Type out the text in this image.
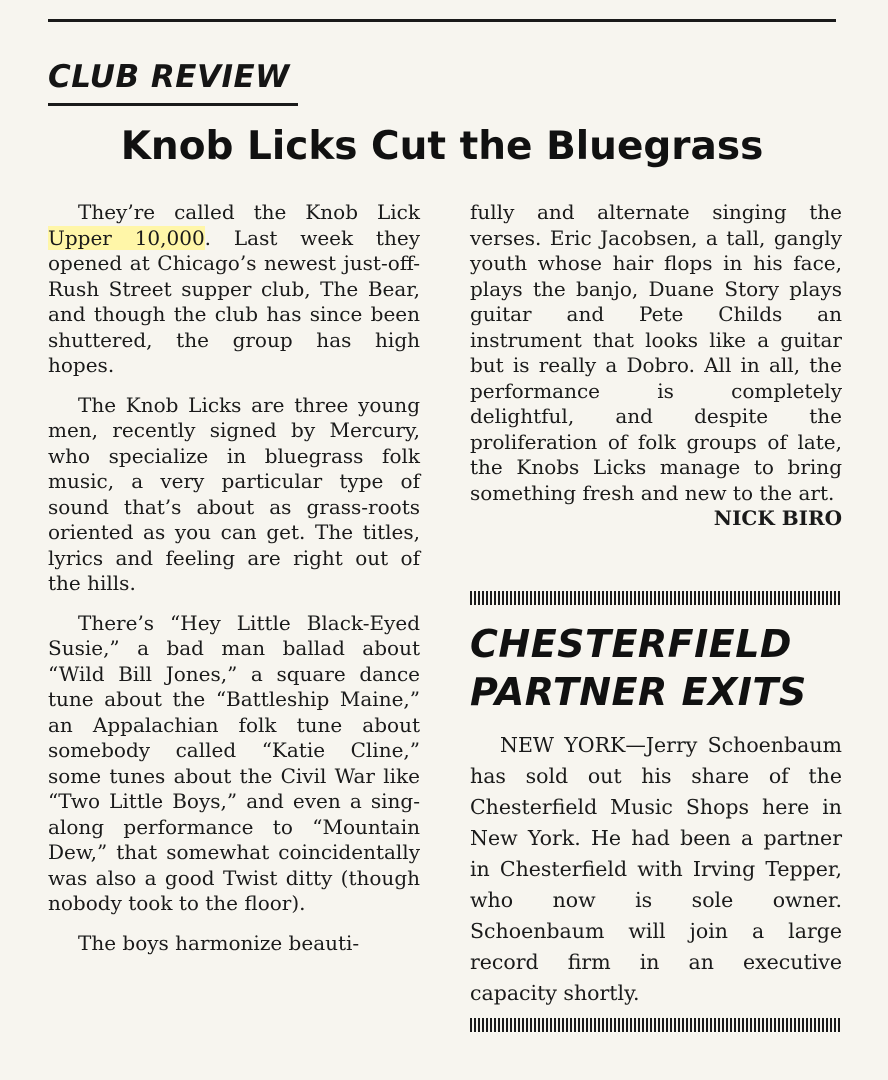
CLUB REVIEW
Knob Licks Cut the Bluegrass

They’re called the Knob Lick Upper 10,000. Last week they opened at Chicago’s newest just-off-Rush Street supper club, The Bear, and though the club has since been shuttered, the group has high hopes.

The Knob Licks are three young men, recently signed by Mercury, who specialize in bluegrass folk music, a very particular type of sound that’s about as grass-roots oriented as you can get. The titles, lyrics and feeling are right out of the hills.

There’s “Hey Little Black-Eyed Susie,” a bad man ballad about “Wild Bill Jones,” a square dance tune about the “Battleship Maine,” an Appalachian folk tune about somebody called “Katie Cline,” some tunes about the Civil War like “Two Little Boys,” and even a sing-along performance to “Mountain Dew,” that somewhat coincidentally was also a good Twist ditty (though nobody took to the floor).

The boys harmonize beauti-

fully and alternate singing the verses. Eric Jacobsen, a tall, gangly youth whose hair flops in his face, plays the banjo, Duane Story plays guitar and Pete Childs an instrument that looks like a guitar but is really a Dobro. All in all, the performance is completely delightful, and despite the proliferation of folk groups of late, the Knobs Licks manage to bring something fresh and new to the art.
NICK BIRO

CHESTERFIELD
PARTNER EXITS

NEW YORK—Jerry Schoenbaum has sold out his share of the Chesterfield Music Shops here in New York. He had been a partner in Chesterfield with Irving Tepper, who now is sole owner. Schoenbaum will join a large record firm in an executive capacity shortly.
